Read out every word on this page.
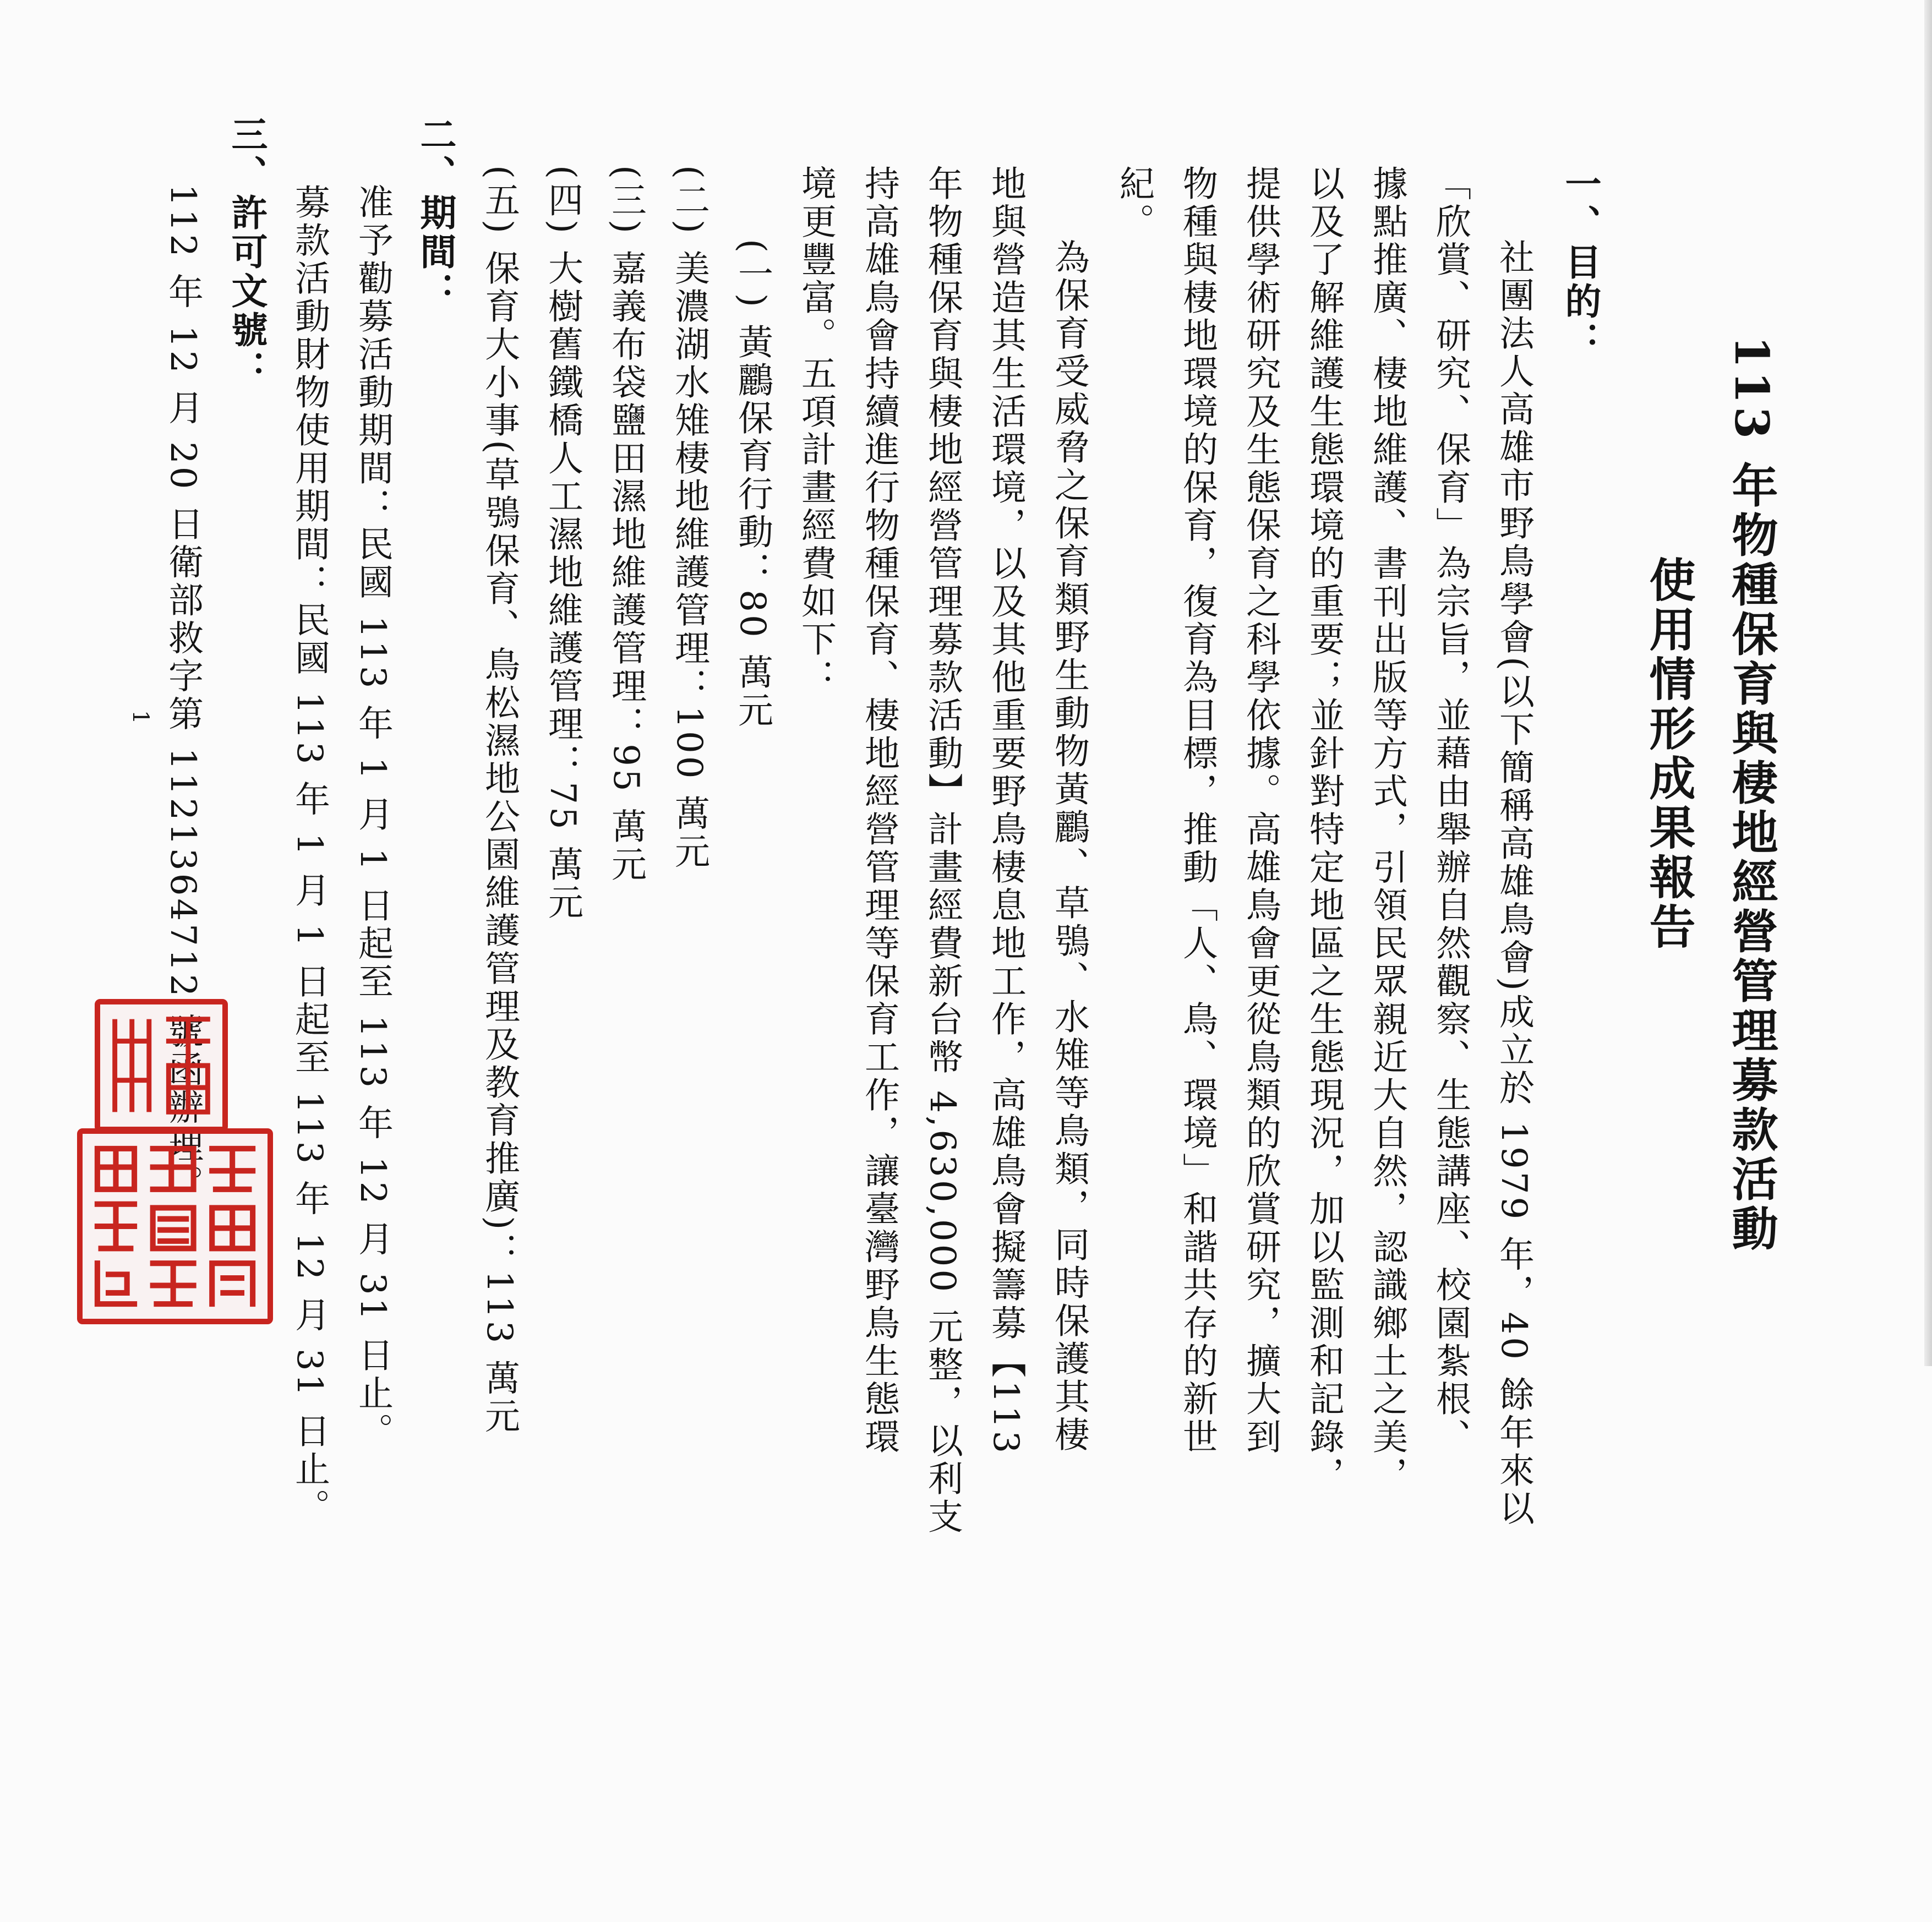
113 年物種保育與棲地經營管理募款活動
使用情形成果報告
一、目的：
社團法人高雄市野鳥學會(以下簡稱高雄鳥會)成立於 1979 年，40 餘年來以
「欣賞、研究、保育」為宗旨，並藉由舉辦自然觀察、生態講座、校園紮根、
據點推廣、棲地維護、書刊出版等方式，引領民眾親近大自然，認識鄉土之美，
以及了解維護生態環境的重要；並針對特定地區之生態現況，加以監測和記錄，
提供學術研究及生態保育之科學依據。高雄鳥會更從鳥類的欣賞研究，擴大到
物種與棲地環境的保育，復育為目標，推動「人、鳥、環境」和諧共存的新世
紀。
為保育受威脅之保育類野生動物黃鸝、草鴞、水雉等鳥類，同時保護其棲
地與營造其生活環境，以及其他重要野鳥棲息地工作，高雄鳥會擬籌募【113
年物種保育與棲地經營管理募款活動】計畫經費新台幣 4,630,000 元整，以利支
持高雄鳥會持續進行物種保育、棲地經營管理等保育工作，讓臺灣野鳥生態環
境更豐富。五項計畫經費如下：
(一) 黃鸝保育行動：80 萬元
(二) 美濃湖水雉棲地維護管理：100 萬元
(三) 嘉義布袋鹽田濕地維護管理：95 萬元
(四) 大樹舊鐵橋人工濕地維護管理：75 萬元
(五) 保育大小事(草鴞保育、鳥松濕地公園維護管理及教育推廣)：113 萬元
二、期間：
准予勸募活動期間：民國 113 年 1 月 1 日起至 113 年 12 月 31 日止。
募款活動財物使用期間：民國 113 年 1 月 1 日起至 113 年 12 月 31 日止。
三、許可文號：
112 年 12 月 20 日衛部救字第 1121364712 號函辦理。
1
